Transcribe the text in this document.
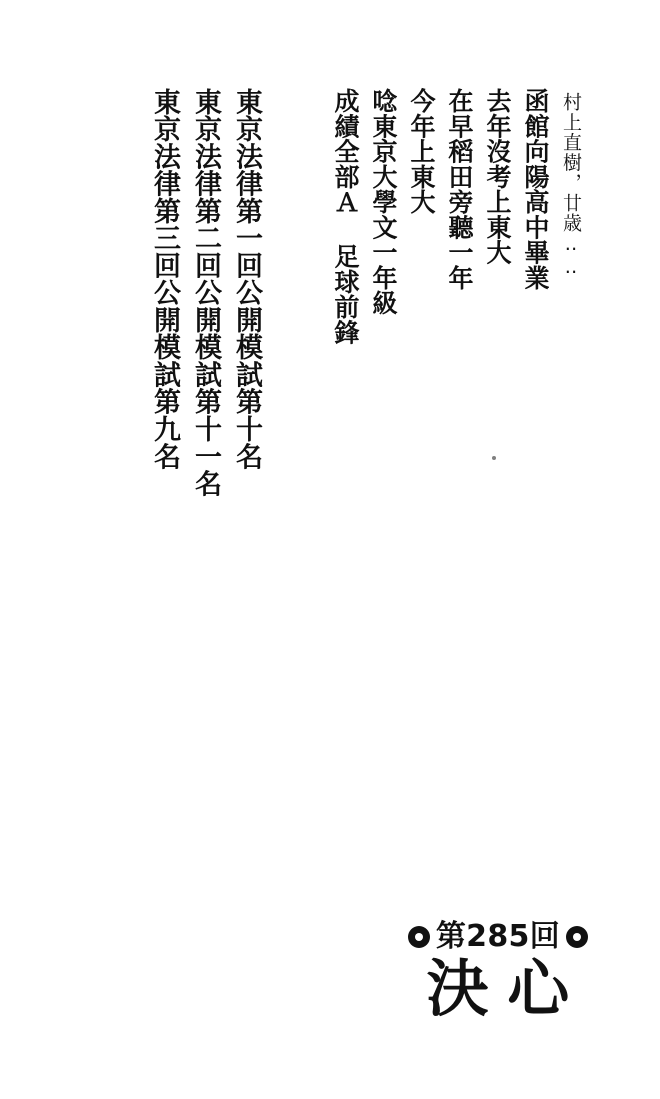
村上直樹，廿歳‥‥
函館向陽高中畢業
去年沒考上東大
在早稻田旁聽一年
今年上東大
唸東京大學文一年級
成績全部Ａ 足球前鋒
東京法律第一回公開模試第十名
東京法律第二回公開模試第十一名
東京法律第三回公開模試第九名
第285回
決心
